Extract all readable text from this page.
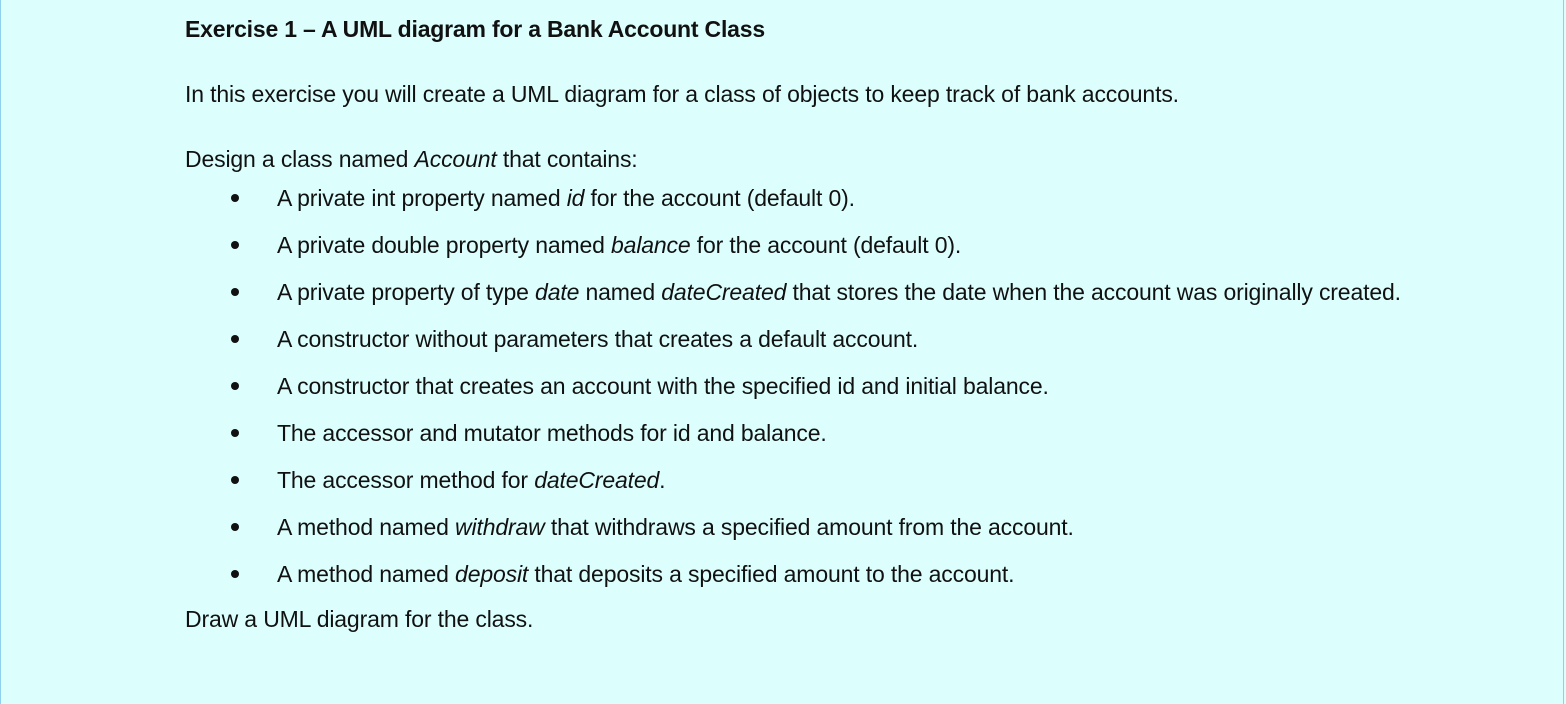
Exercise 1 – A UML diagram for a Bank Account Class

In this exercise you will create a UML diagram for a class of objects to keep track of bank accounts.

Design a class named Account that contains:

A private int property named id for the account (default 0).
A private double property named balance for the account (default 0).
A private property of type date named dateCreated that stores the date when the account was originally created.
A constructor without parameters that creates a default account.
A constructor that creates an account with the specified id and initial balance.
The accessor and mutator methods for id and balance.
The accessor method for dateCreated.
A method named withdraw that withdraws a specified amount from the account.
A method named deposit that deposits a specified amount to the account.

Draw a UML diagram for the class.
